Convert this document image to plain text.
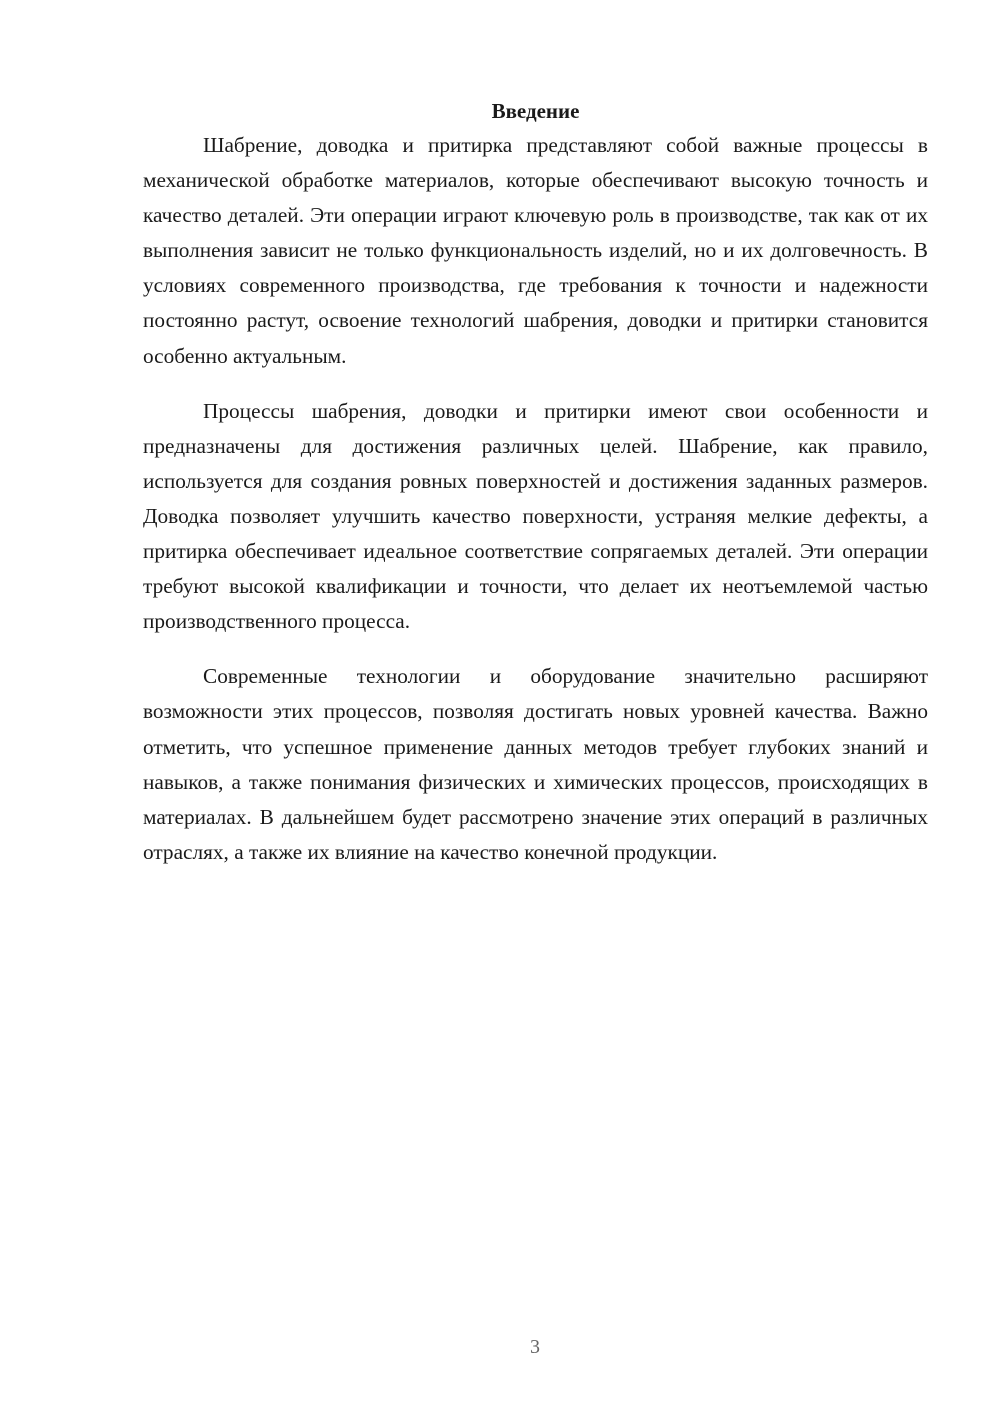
Введение

Шабрение, доводка и притирка представляют собой важные процессы в механической обработке материалов, которые обеспечивают высокую точность и качество деталей. Эти операции играют ключевую роль в производстве, так как от их выполнения зависит не только функциональность изделий, но и их долговечность. В условиях современного производства, где требования к точности и надежности постоянно растут, освоение технологий шабрения, доводки и притирки становится особенно актуальным.

Процессы шабрения, доводки и притирки имеют свои особенности и предназначены для достижения различных целей. Шабрение, как правило, используется для создания ровных поверхностей и достижения заданных размеров. Доводка позволяет улучшить качество поверхности, устраняя мелкие дефекты, а притирка обеспечивает идеальное соответствие сопрягаемых деталей. Эти операции требуют высокой квалификации и точности, что делает их неотъемлемой частью производственного процесса.

Современные технологии и оборудование значительно расширяют возможности этих процессов, позволяя достигать новых уровней качества. Важно отметить, что успешное применение данных методов требует глубоких знаний и навыков, а также понимания физических и химических процессов, происходящих в материалах. В дальнейшем будет рассмотрено значение этих операций в различных отраслях, а также их влияние на качество конечной продукции.

3
